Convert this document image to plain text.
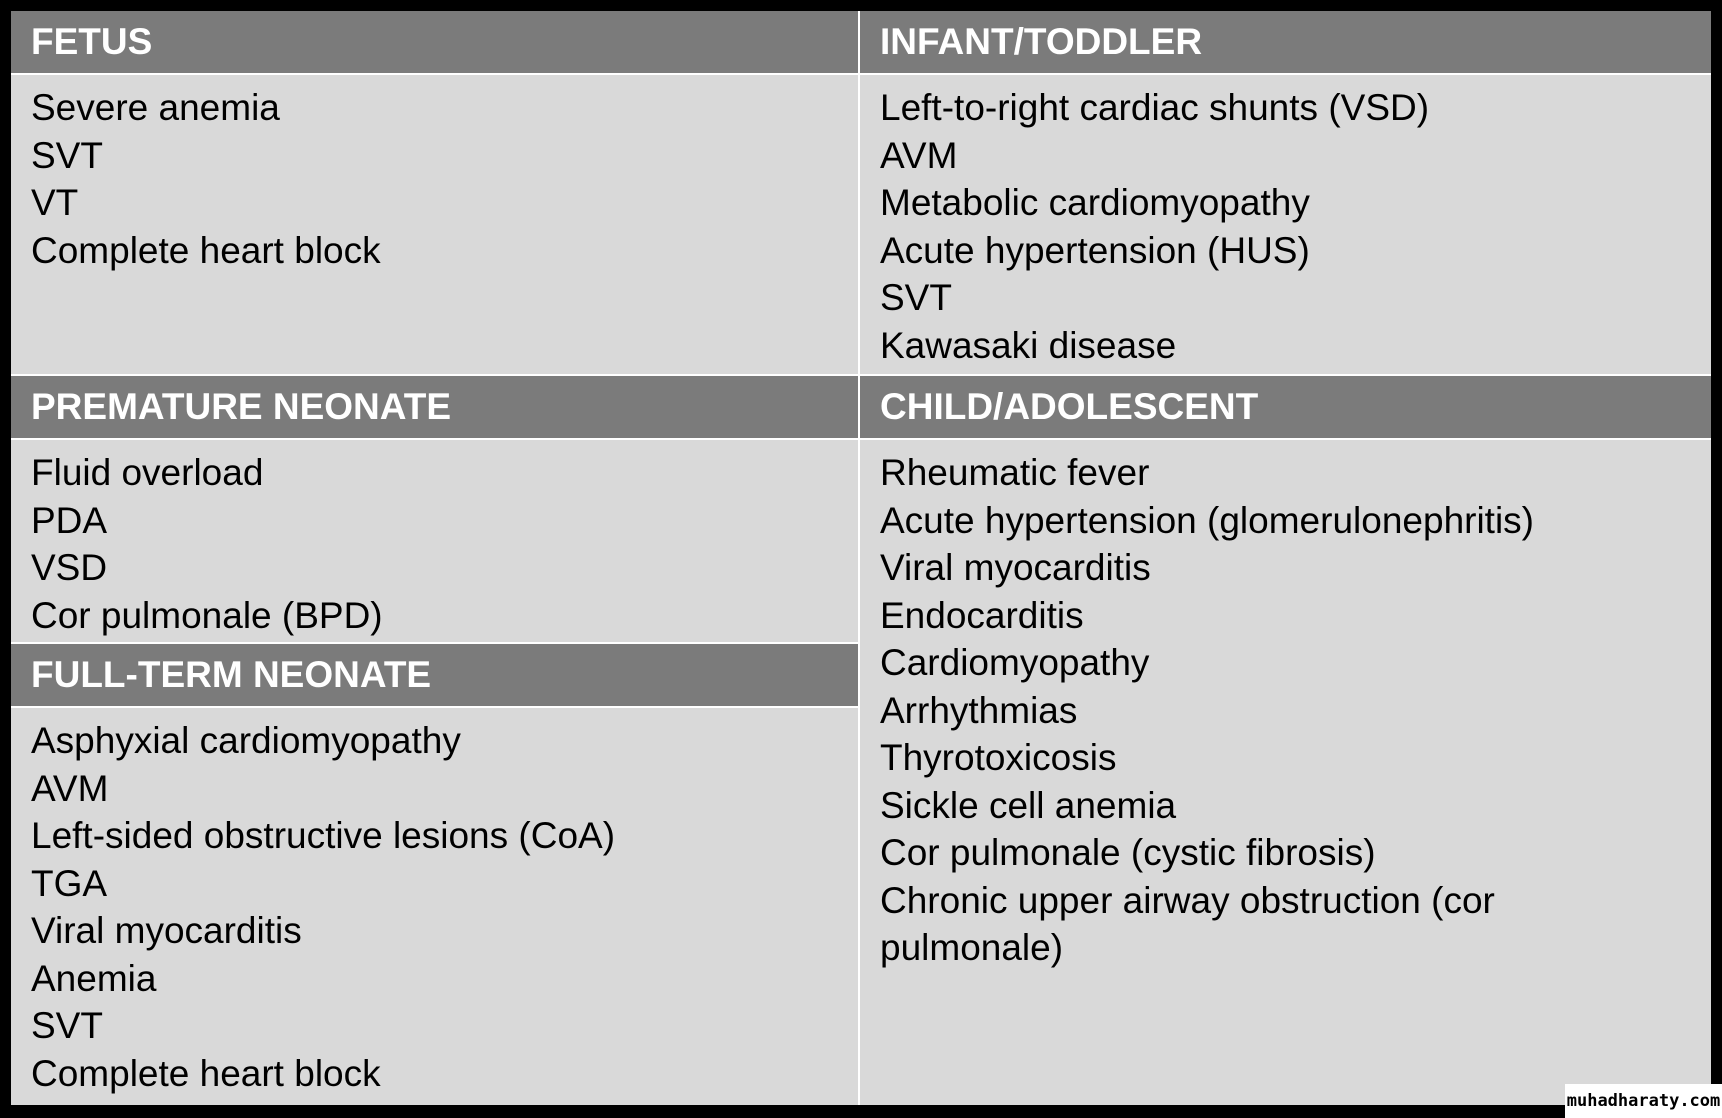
FETUS	INFANT/TODDLER
Severe anemia
SVT
VT
Complete heart block
Left-to-right cardiac shunts (VSD)
AVM
Metabolic cardiomyopathy
Acute hypertension (HUS)
SVT
Kawasaki disease
PREMATURE NEONATE	CHILD/ADOLESCENT
Fluid overload
PDA
VSD
Cor pulmonale (BPD)
Rheumatic fever
Acute hypertension (glomerulonephritis)
Viral myocarditis
Endocarditis
Cardiomyopathy
Arrhythmias
Thyrotoxicosis
Sickle cell anemia
Cor pulmonale (cystic fibrosis)
Chronic upper airway obstruction (cor pulmonale)
FULL-TERM NEONATE
Asphyxial cardiomyopathy
AVM
Left-sided obstructive lesions (CoA)
TGA
Viral myocarditis
Anemia
SVT
Complete heart block
muhadharaty.com
